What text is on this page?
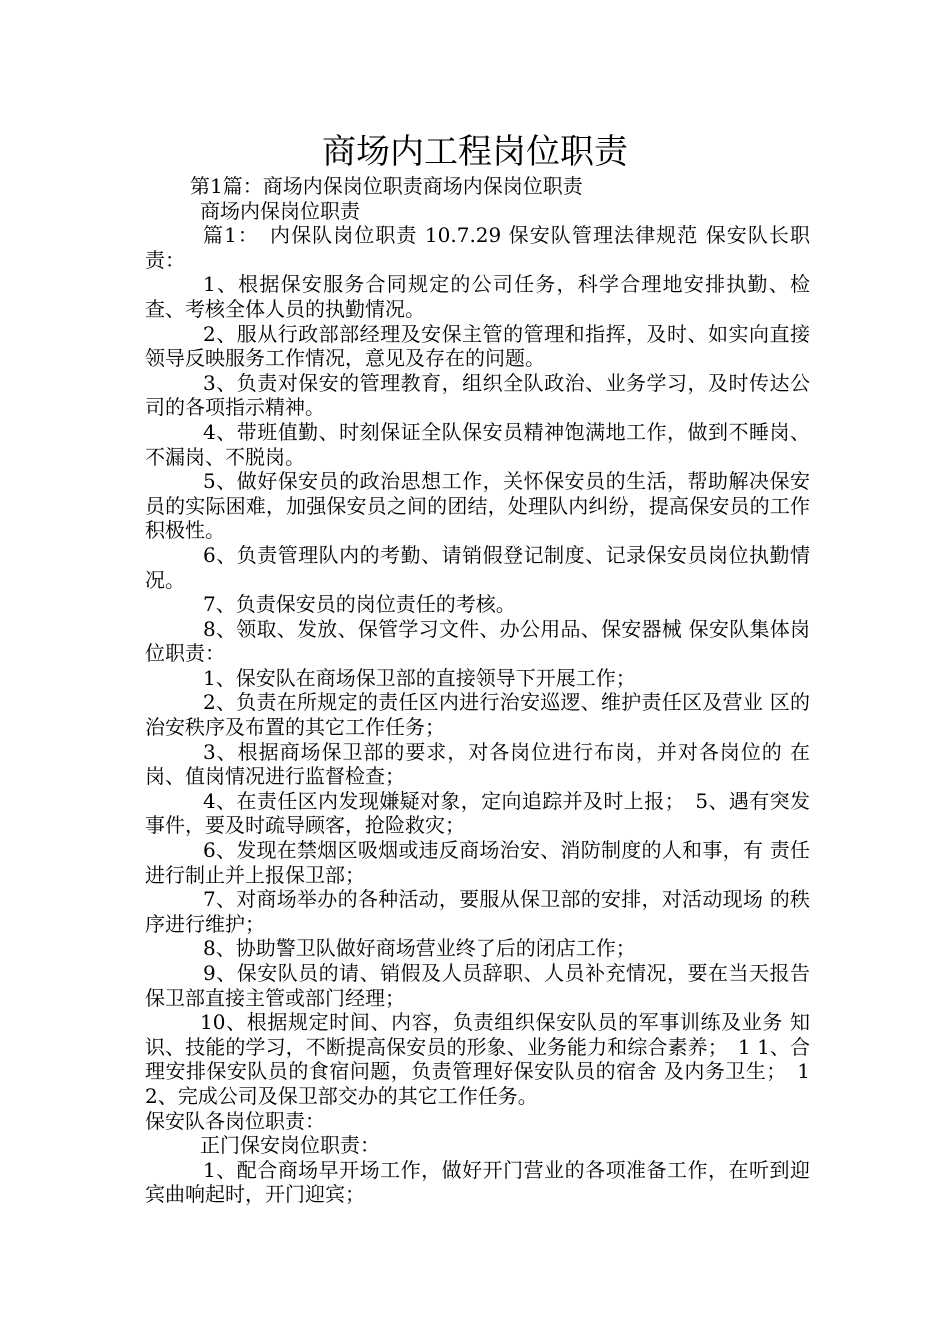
商场内工程岗位职责

第1篇：商场内保岗位职责商场内保岗位职责

商场内保岗位职责

篇1：　内保队岗位职责 10.7.29 保安队管理法律规范 保安队长职责：

1、根据保安服务合同规定的公司任务，科学合理地安排执勤、检查、考核全体人员的执勤情况。

2、服从行政部部经理及安保主管的管理和指挥，及时、如实向直接领导反映服务工作情况，意见及存在的问题。

3、负责对保安的管理教育，组织全队政治、业务学习，及时传达公司的各项指示精神。

4、带班值勤、时刻保证全队保安员精神饱满地工作，做到不睡岗、不漏岗、不脱岗。

5、做好保安员的政治思想工作，关怀保安员的生活，帮助解决保安员的实际困难，加强保安员之间的团结，处理队内纠纷，提高保安员的工作积极性。

6、负责管理队内的考勤、请销假登记制度、记录保安员岗位执勤情况。

7、负责保安员的岗位责任的考核。

8、领取、发放、保管学习文件、办公用品、保安器械 保安队集体岗位职责：

1、保安队在商场保卫部的直接领导下开展工作；

2、负责在所规定的责任区内进行治安巡逻、维护责任区及营业 区的治安秩序及布置的其它工作任务；

3、根据商场保卫部的要求，对各岗位进行布岗，并对各岗位的 在岗、值岗情况进行监督检查；

4、在责任区内发现嫌疑对象，定向追踪并及时上报；　5、遇有突发事件，要及时疏导顾客，抢险救灾；

6、发现在禁烟区吸烟或违反商场治安、消防制度的人和事，有 责任进行制止并上报保卫部；

7、对商场举办的各种活动，要服从保卫部的安排，对活动现场 的秩序进行维护；

8、协助警卫队做好商场营业终了后的闭店工作；

9、保安队员的请、销假及人员辞职、人员补充情况，要在当天报告保卫部直接主管或部门经理；

10、根据规定时间、内容，负责组织保安队员的军事训练及业务 知识、技能的学习，不断提高保安员的形象、业务能力和综合素养；　1 1、合理安排保安队员的食宿问题，负责管理好保安队员的宿舍 及内务卫生；　1 2、完成公司及保卫部交办的其它工作任务。

保安队各岗位职责：

正门保安岗位职责：

1、配合商场早开场工作，做好开门营业的各项准备工作，在听到迎宾曲响起时，开门迎宾；
